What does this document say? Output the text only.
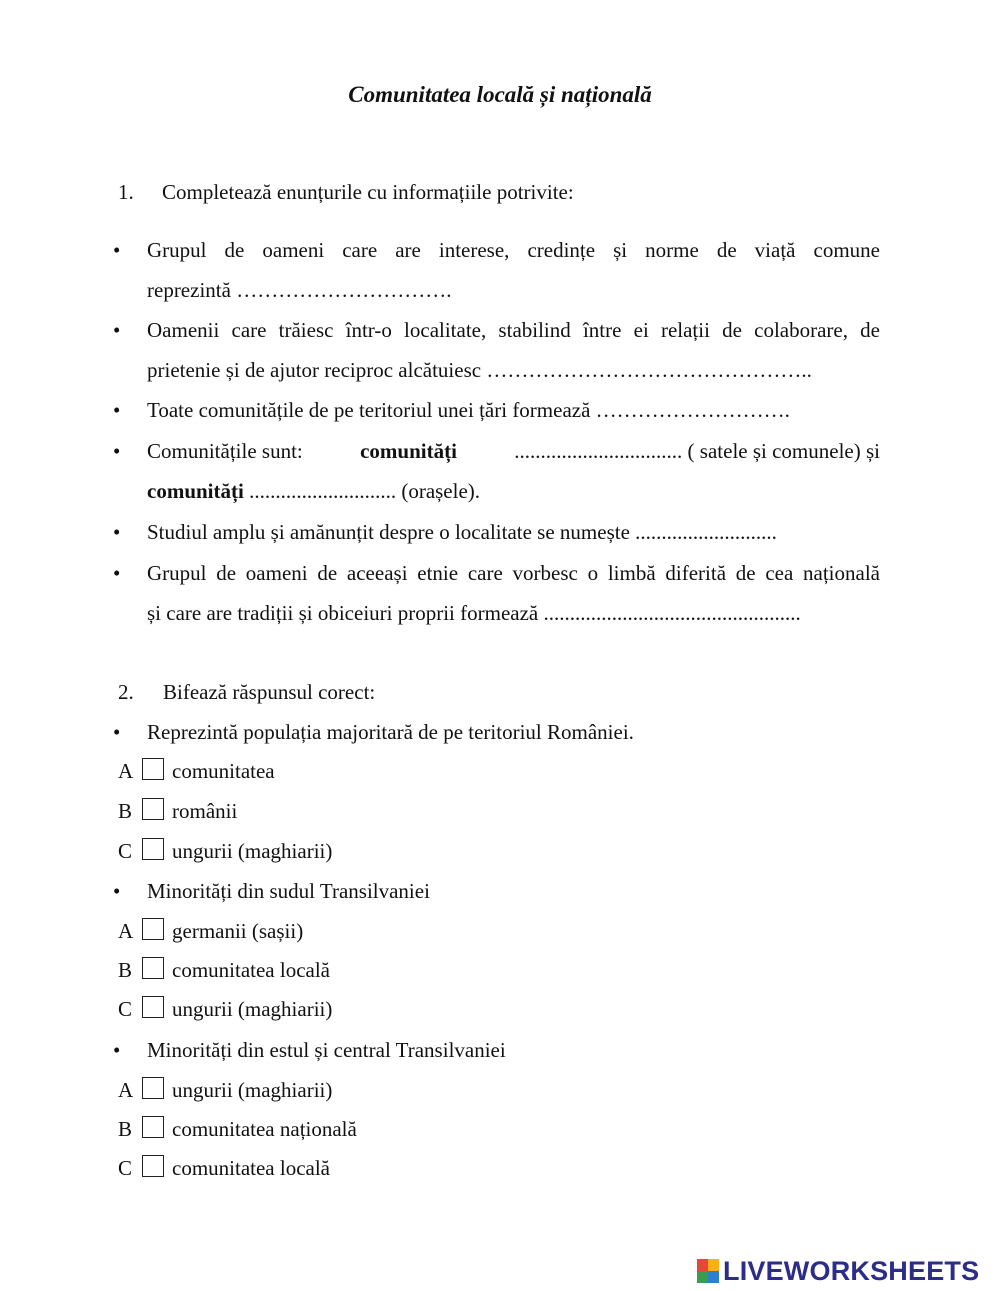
Comunitatea locală și națională
1. Completează enunțurile cu informațiile potrivite:
• Grupul de oameni care are interese, credințe și norme de viață comune
reprezintă ………………………….
• Oamenii care trăiesc într-o localitate, stabilind între ei relații de colaborare, de
prietenie și de ajutor reciproc alcătuiesc ………………………………………..
• Toate comunitățile de pe teritoriul unei țări formează ……………………….
• Comunitățile sunt:	comunități	................................ ( satele și comunele) și
comunități ............................ (orașele).
• Studiul amplu și amănunțit despre o localitate se numește ...........................
• Grupul de oameni de aceeași etnie care vorbesc o limbă diferită de cea națională
și care are tradiții și obiceiuri proprii formează .................................................
2. Bifează răspunsul corect:
• Reprezintă populația majoritară de pe teritoriul României.
A comunitatea
B românii
C ungurii (maghiarii)
• Minorități din sudul Transilvaniei
A germanii (sașii)
B comunitatea locală
C ungurii (maghiarii)
• Minorități din estul și central Transilvaniei
A ungurii (maghiarii)
B comunitatea națională
C comunitatea locală
LIVEWORKSHEETS
